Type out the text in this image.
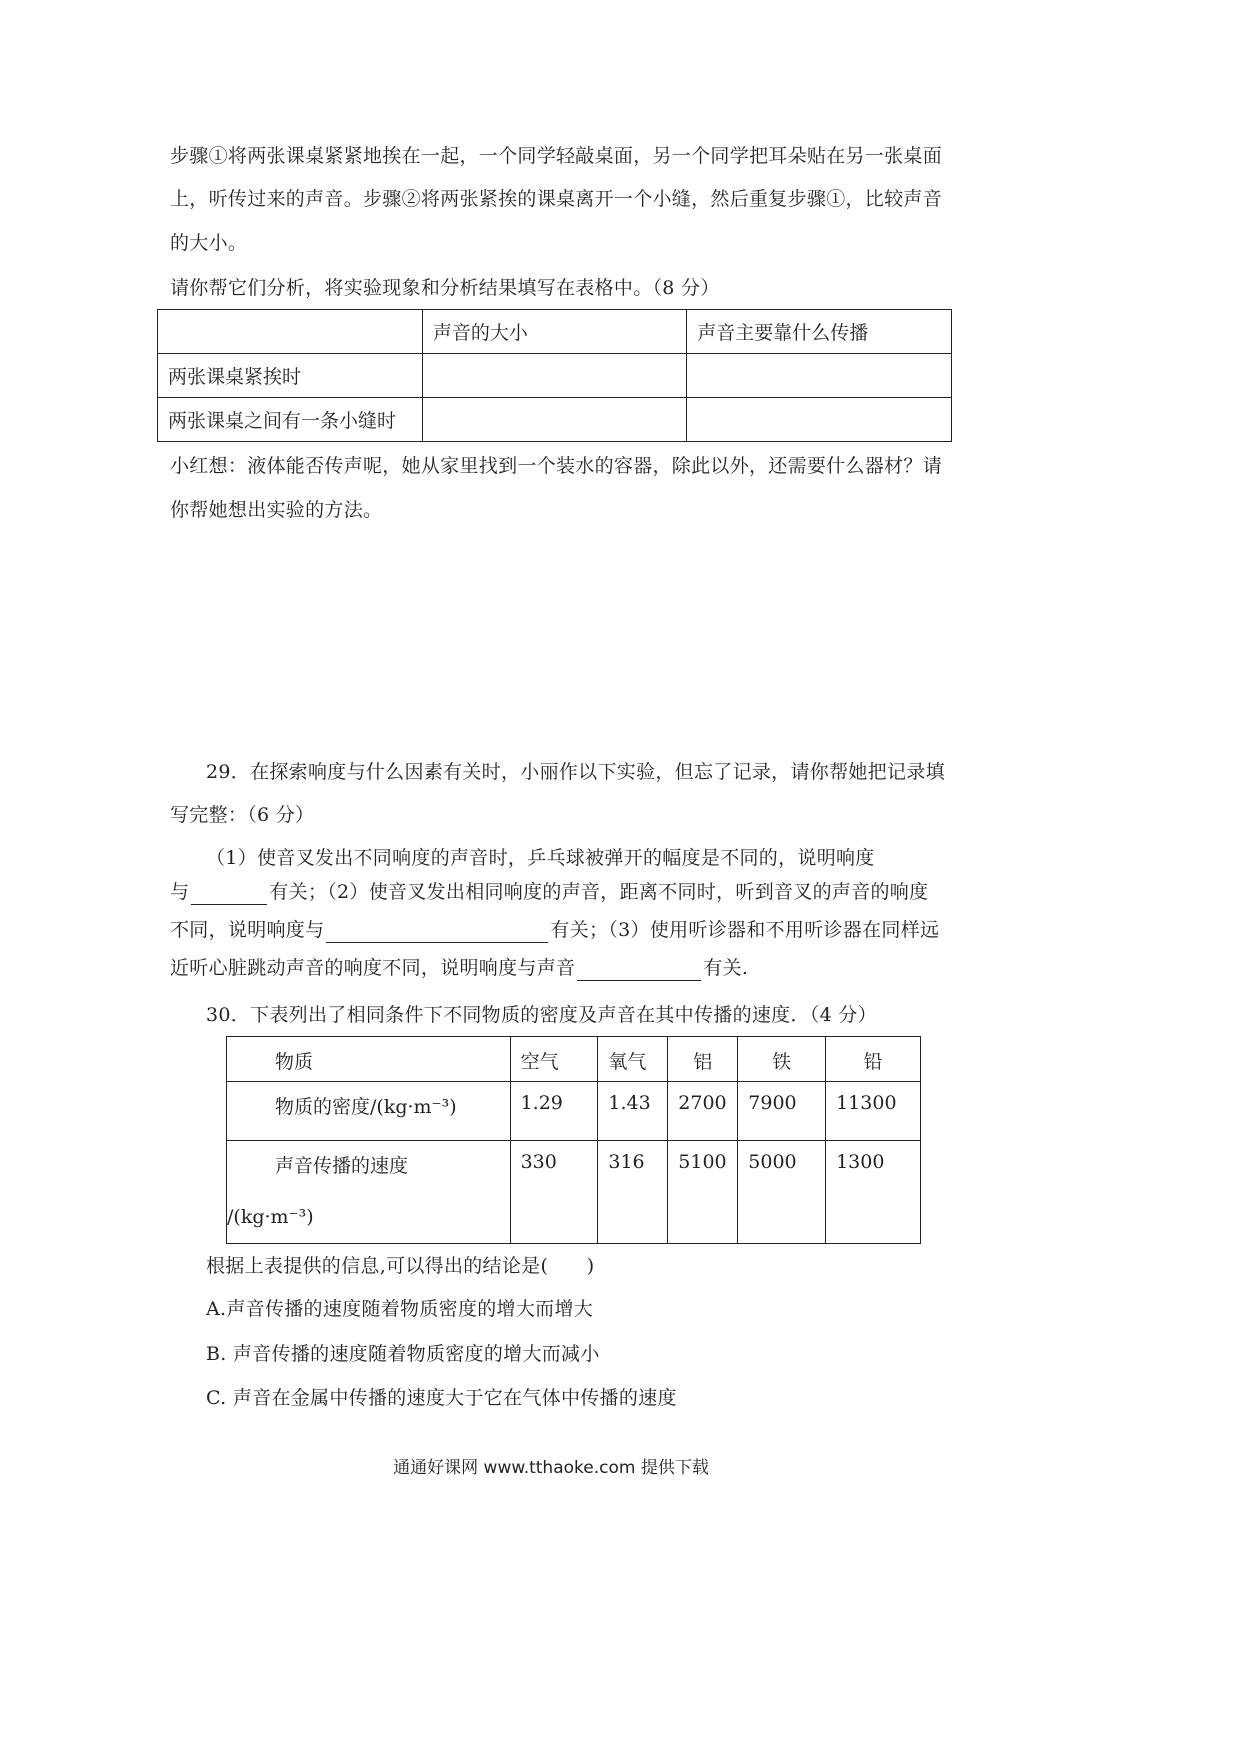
步骤①将两张课桌紧紧地挨在一起，一个同学轻敲桌面，另一个同学把耳朵贴在另一张桌面
上，听传过来的声音。步骤②将两张紧挨的课桌离开一个小缝，然后重复步骤①，比较声音
的大小。
请你帮它们分析，将实验现象和分析结果填写在表格中。（8 分）
	声音的大小	声音主要靠什么传播
两张课桌紧挨时		
两张课桌之间有一条小缝时		
小红想：液体能否传声呢，她从家里找到一个装水的容器，除此以外，还需要什么器材？请
你帮她想出实验的方法。
29．在探索响度与什么因素有关时，小丽作以下实验，但忘了记录，请你帮她把记录填
写完整：（6 分）
（1）使音叉发出不同响度的声音时，乒乓球被弹开的幅度是不同的，说明响度
与	有关；（2）使音叉发出相同响度的声音，距离不同时，听到音叉的声音的响度
不同，说明响度与	有关；（3）使用听诊器和不用听诊器在同样远
近听心脏跳动声音的响度不同，说明响度与声音	有关.
30．下表列出了相同条件下不同物质的密度及声音在其中传播的速度．（4 分）
物质	空气	氧气	铝	铁	铅
物质的密度/(kg·m⁻³)	1.29	1.43	2700	7900	11300

声音传播的速度
/(kg·m⁻³)	330	316	5100	5000	1300
根据上表提供的信息,可以得出的结论是(　　)
A.声音传播的速度随着物质密度的增大而增大
B. 声音传播的速度随着物质密度的增大而减小
C. 声音在金属中传播的速度大于它在气体中传播的速度
通通好课网 www.tthaoke.com 提供下载
